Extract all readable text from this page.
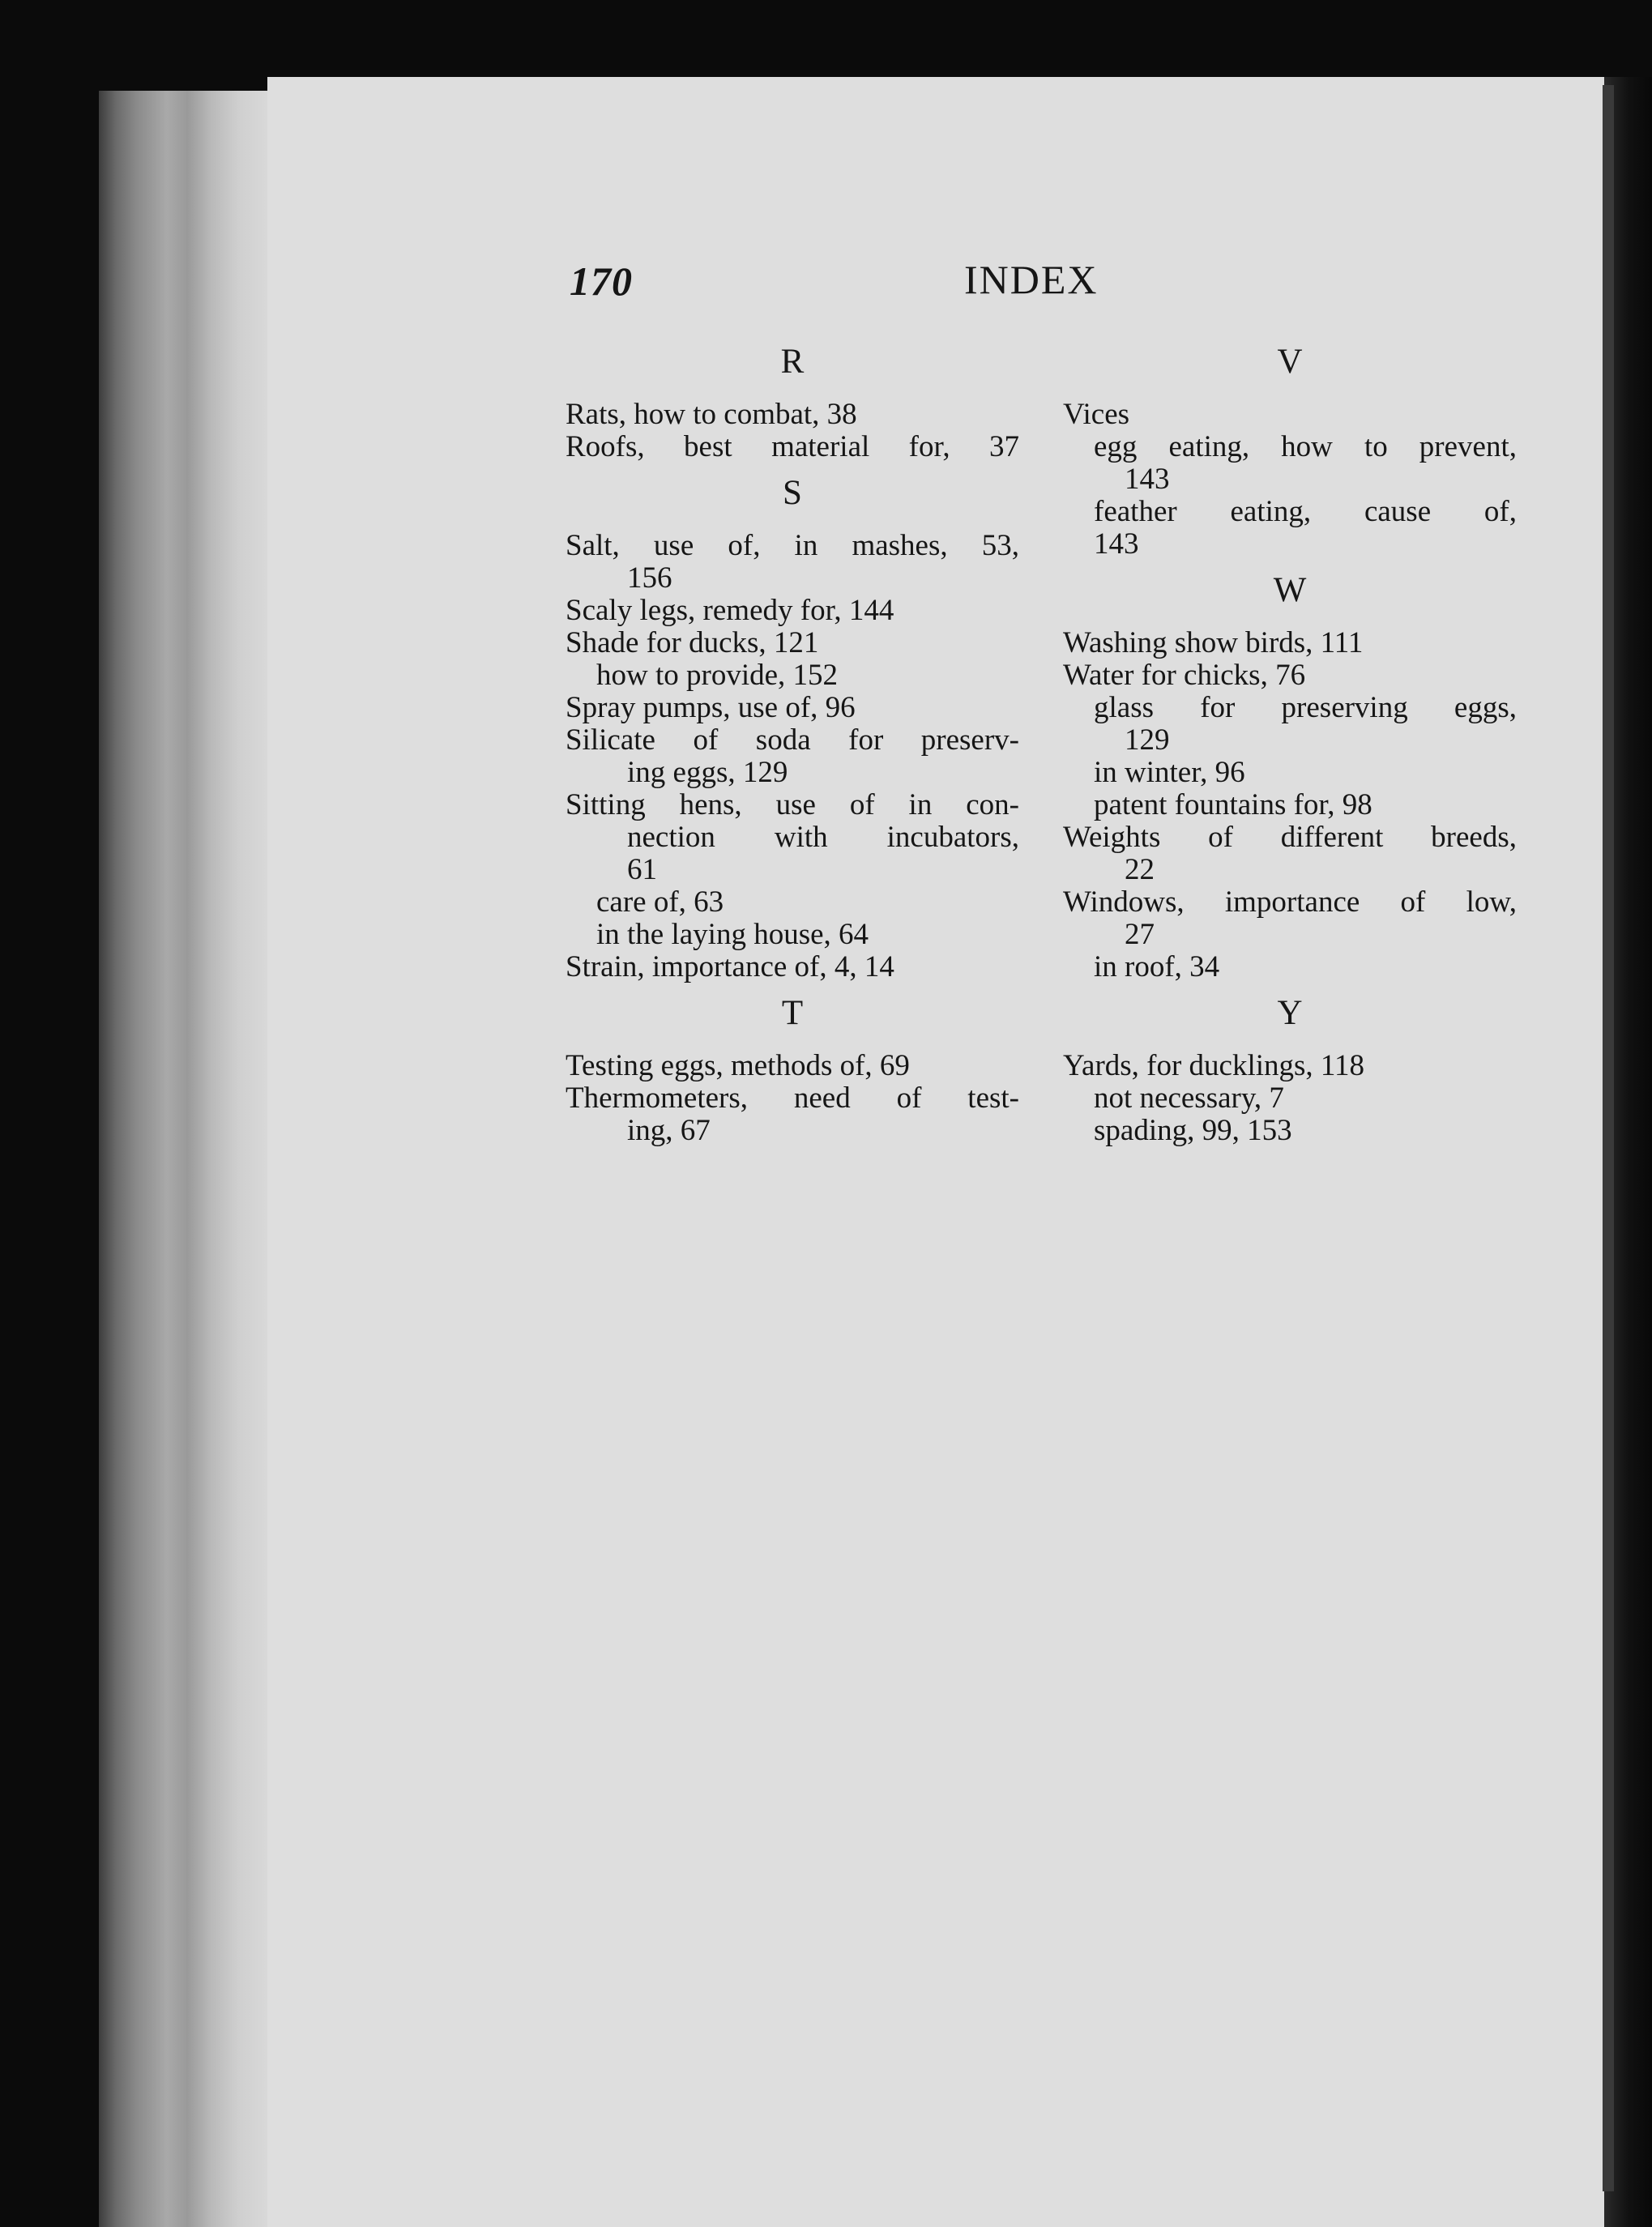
170	INDEX
R
Rats, how to combat, 38
Roofs, best material for, 37
S
Salt, use of, in mashes, 53,
156
Scaly legs, remedy for, 144
Shade for ducks, 121
how to provide, 152
Spray pumps, use of, 96
Silicate of soda for preserv-
ing eggs, 129
Sitting hens, use of in con-
nection with incubators,
61
care of, 63
in the laying house, 64
Strain, importance of, 4, 14
T
Testing eggs, methods of, 69
Thermometers, need of test-
ing, 67
V
Vices
egg eating, how to prevent,
143
feather eating, cause of,
143
W
Washing show birds, 111
Water for chicks, 76
glass for preserving eggs,
129
in winter, 96
patent fountains for, 98
Weights of different breeds,
22
Windows, importance of low,
27
in roof, 34
Y
Yards, for ducklings, 118
not necessary, 7
spading, 99, 153
